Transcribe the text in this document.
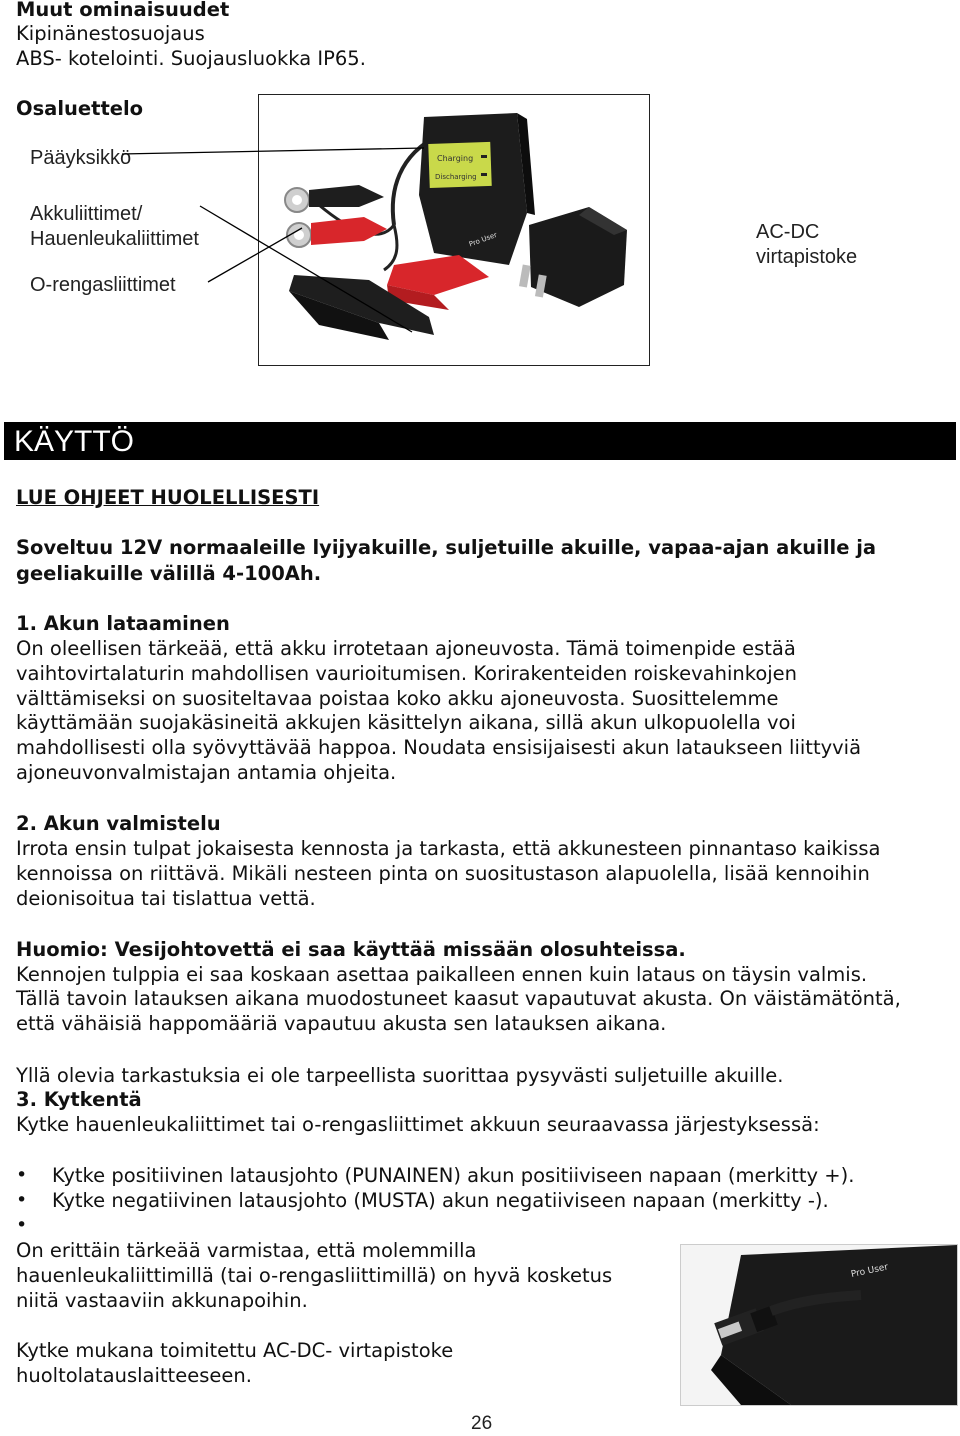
Muut ominaisuudet

Kipinänestosuojaus

ABS- kotelointi. Suojausluokka IP65.

Osaluettelo

Pääyksikkö

Akkuliittimet/

Hauenleukaliittimet

O-rengasliittimet

AC-DC

virtapistoke

Charging
Discharging
Pro User

KÄYTTÖ

LUE OHJEET HUOLELLISESTI

Soveltuu 12V normaaleille lyijyakuille, suljetuille akuille, vapaa-ajan akuille ja

geeliakuille välillä 4-100Ah.

1. Akun lataaminen

On oleellisen tärkeää, että akku irrotetaan ajoneuvosta. Tämä toimenpide estää

vaihtovirtalaturin mahdollisen vaurioitumisen. Korirakenteiden roiskevahinkojen

välttämiseksi on suositeltavaa poistaa koko akku ajoneuvosta. Suosittelemme

käyttämään suojakäsineitä akkujen käsittelyn aikana, sillä akun ulkopuolella voi

mahdollisesti olla syövyttävää happoa. Noudata ensisijaisesti akun lataukseen liittyviä

ajoneuvonvalmistajan antamia ohjeita.

2. Akun valmistelu

Irrota ensin tulpat jokaisesta kennosta ja tarkasta, että akkunesteen pinnantaso kaikissa

kennoissa on riittävä. Mikäli nesteen pinta on suositustason alapuolella, lisää kennoihin

deionisoitua tai tislattua vettä.

Huomio: Vesijohtovettä ei saa käyttää missään olosuhteissa.

Kennojen tulppia ei saa koskaan asettaa paikalleen ennen kuin lataus on täysin valmis.

Tällä tavoin latauksen aikana muodostuneet kaasut vapautuvat akusta. On väistämätöntä,

että vähäisiä happomääriä vapautuu akusta sen latauksen aikana.

Yllä olevia tarkastuksia ei ole tarpeellista suorittaa pysyvästi suljetuille akuille.

3. Kytkentä

Kytke hauenleukaliittimet tai o-rengasliittimet akkuun seuraavassa järjestyksessä:

• Kytke positiivinen latausjohto (PUNAINEN) akun positiiviseen napaan (merkitty +).

• Kytke negatiivinen latausjohto (MUSTA) akun negatiiviseen napaan (merkitty -).

•

On erittäin tärkeää varmistaa, että molemmilla

hauenleukaliittimillä (tai o-rengasliittimillä) on hyvä kosketus

niitä vastaaviin akkunapoihin.

Kytke mukana toimitettu AC-DC- virtapistoke

huoltolatauslaitteeseen.

Pro User

26
